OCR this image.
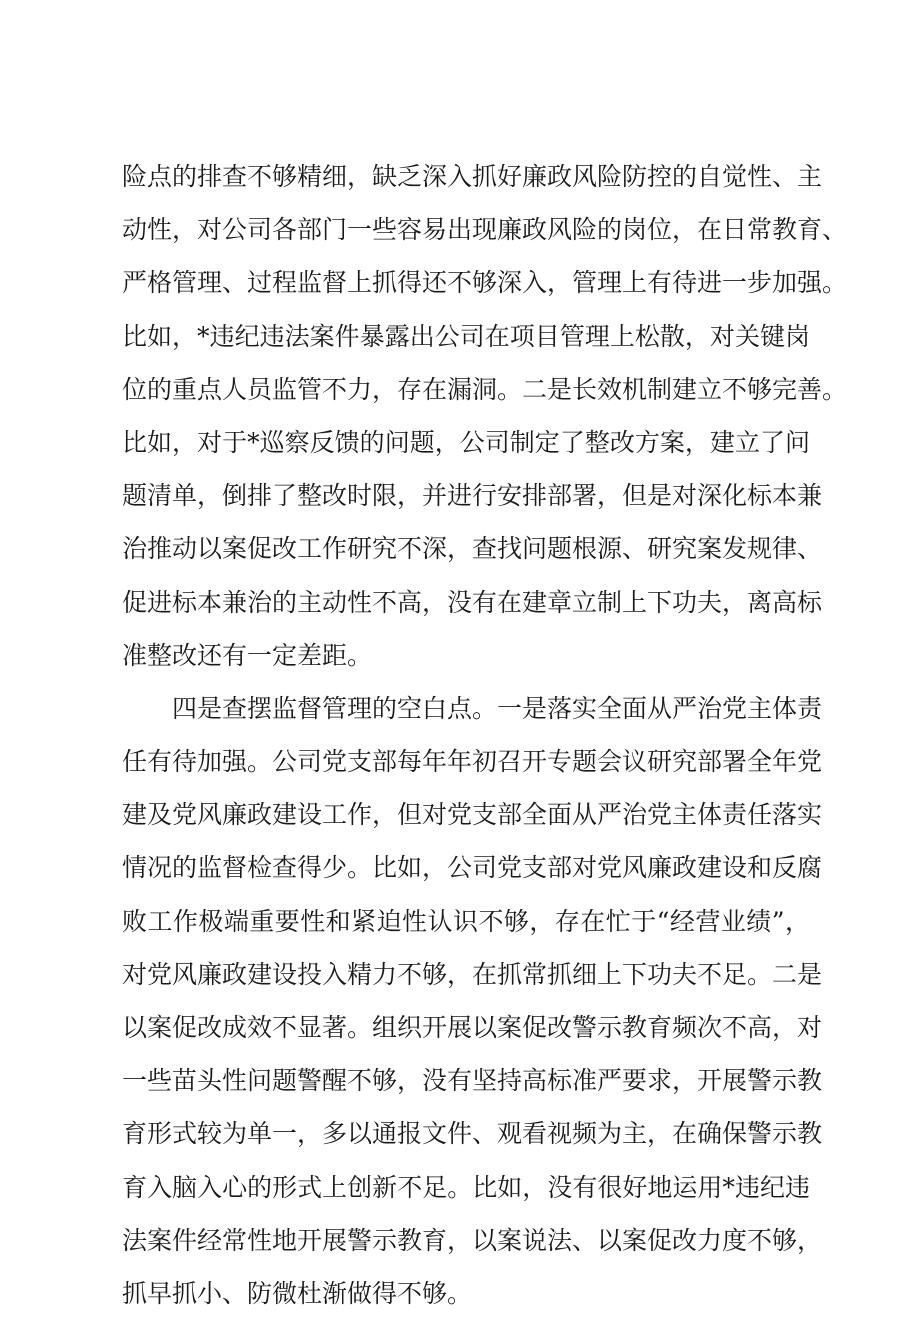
险点的排查不够精细，缺乏深入抓好廉政风险防控的自觉性、主
动性，对公司各部门一些容易出现廉政风险的岗位，在日常教育、
严格管理、过程监督上抓得还不够深入，管理上有待进一步加强。
比如，*违纪违法案件暴露出公司在项目管理上松散，对关键岗
位的重点人员监管不力，存在漏洞。二是长效机制建立不够完善。
比如，对于*巡察反馈的问题，公司制定了整改方案，建立了问
题清单，倒排了整改时限，并进行安排部署，但是对深化标本兼
治推动以案促改工作研究不深，查找问题根源、研究案发规律、
促进标本兼治的主动性不高，没有在建章立制上下功夫，离高标
准整改还有一定差距。
四是查摆监督管理的空白点。一是落实全面从严治党主体责
任有待加强。公司党支部每年年初召开专题会议研究部署全年党
建及党风廉政建设工作，但对党支部全面从严治党主体责任落实
情况的监督检查得少。比如，公司党支部对党风廉政建设和反腐
败工作极端重要性和紧迫性认识不够，存在忙于“经营业绩”，
对党风廉政建设投入精力不够，在抓常抓细上下功夫不足。二是
以案促改成效不显著。组织开展以案促改警示教育频次不高，对
一些苗头性问题警醒不够，没有坚持高标准严要求，开展警示教
育形式较为单一，多以通报文件、观看视频为主，在确保警示教
育入脑入心的形式上创新不足。比如，没有很好地运用*违纪违
法案件经常性地开展警示教育，以案说法、以案促改力度不够，
抓早抓小、防微杜渐做得不够。
